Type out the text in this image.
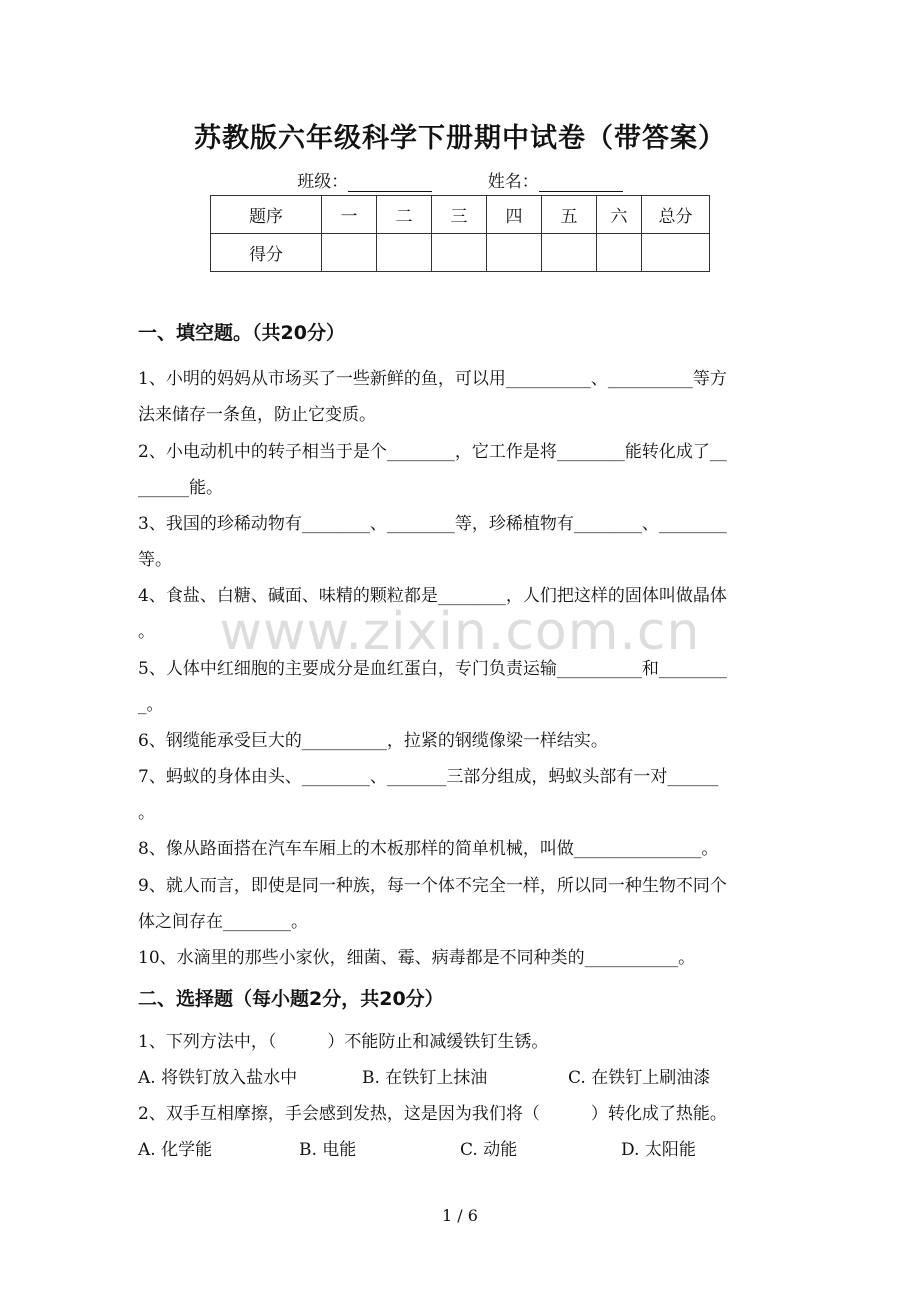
苏教版六年级科学下册期中试卷（带答案）
班级：	姓名：
题序	一	二	三	四	五	六	总分
得分							
一、填空题。（共20分）
1、小明的妈妈从市场买了一些新鲜的鱼，可以用__________、__________等方
法来储存一条鱼，防止它变质。
2、小电动机中的转子相当于是个________，它工作是将________能转化成了__
______能。
3、我国的珍稀动物有________、________等，珍稀植物有________、________
等。
4、食盐、白糖、碱面、味精的颗粒都是________，人们把这样的固体叫做晶体
。
5、人体中红细胞的主要成分是血红蛋白，专门负责运输__________和________
_。
6、钢缆能承受巨大的__________，拉紧的钢缆像梁一样结实。
7、蚂蚁的身体由头、________、_______三部分组成，蚂蚁头部有一对______
。
8、像从路面搭在汽车车厢上的木板那样的简单机械，叫做_______________。
9、就人而言，即使是同一种族，每一个体不完全一样，所以同一种生物不同个
体之间存在________。
10、水滴里的那些小家伙，细菌、霉、病毒都是不同种类的___________。
二、选择题（每小题2分，共20分）
1、下列方法中，（　　　）不能防止和减缓铁钉生锈。
A. 将铁钉放入盐水中	B. 在铁钉上抹油	C. 在铁钉上刷油漆
2、双手互相摩擦，手会感到发热，这是因为我们将（　　　）转化成了热能。
A. 化学能	B. 电能	C. 动能	D. 太阳能
www.zixin.com.cn
1 / 6
